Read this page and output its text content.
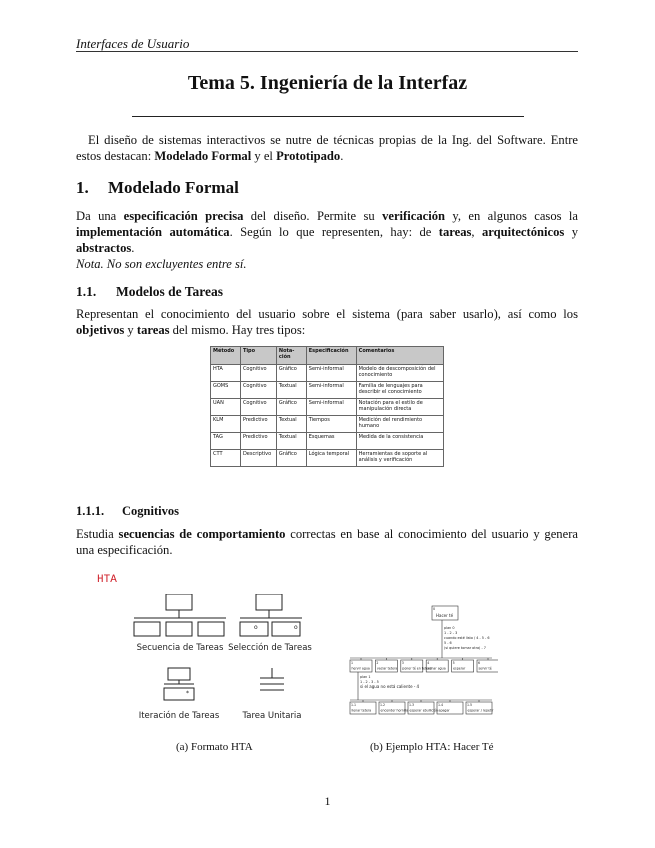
Interfaces de Usuario
Tema 5. Ingeniería de la Interfaz
El diseño de sistemas interactivos se nutre de técnicas propias de la Ing. del Software. Entre estos destacan: Modelado Formal y el Prototipado.
1. Modelado Formal
Da una especificación precisa del diseño. Permite su verificación y, en algunos casos la implementación automática. Según lo que representen, hay: de tareas, arquitectónicos y abstractos.
Nota. No son excluyentes entre sí.
1.1. Modelos de Tareas
Representan el conocimiento del usuario sobre el sistema (para saber usarlo), así como los objetivos y tareas del mismo. Hay tres tipos:
Método	Tipo	Nota-ción	Especificación	Comentarios
HTA	Cognitivo	Gráfico	Semi-informal	Modelo de descomposición del conocimiento
GOMS	Cognitivo	Textual	Semi-informal	Familia de lenguajes para describir el conocimiento
UAN	Cognitivo	Gráfico	Semi-informal	Notación para el estilo de manipulación directa
KLM	Predictivo	Textual	Tiempos	Medición del rendimiento humano
TAG	Predictivo	Textual	Esquemas	Medida de la consistencia
CTT	Descriptivo	Gráfico	Lógica temporal	Herramientas de soporte al análisis y verificación
1.1.1. Cognitivos
Estudia secuencias de comportamiento correctas en base al conocimiento del usuario y genera una especificación.
HTA
o	o
*
Secuencia de Tareas Selección de Tareas
Iteración de Tareas	Tarea Unitaria
0
Hacer té
plan 0
1 - 2 - 3
cuando esté listo / 4 - 5 - 6
5 - 6
(si quiere tomar otra) - 7
plan 1
1 - 2 - 3 - 5
si el agua no está caliente - 4
1
hervir agua
2
vaciar tetera
3
poner té en tetera
4
echar agua
5
esperar
6
servir té
1.1
llenar tetera
1.2
encender hornilla
1.3
esperar ebullición
1.4
apagar
1.5
esperar / repetir
(a) Formato HTA	(b) Ejemplo HTA: Hacer Té
1
